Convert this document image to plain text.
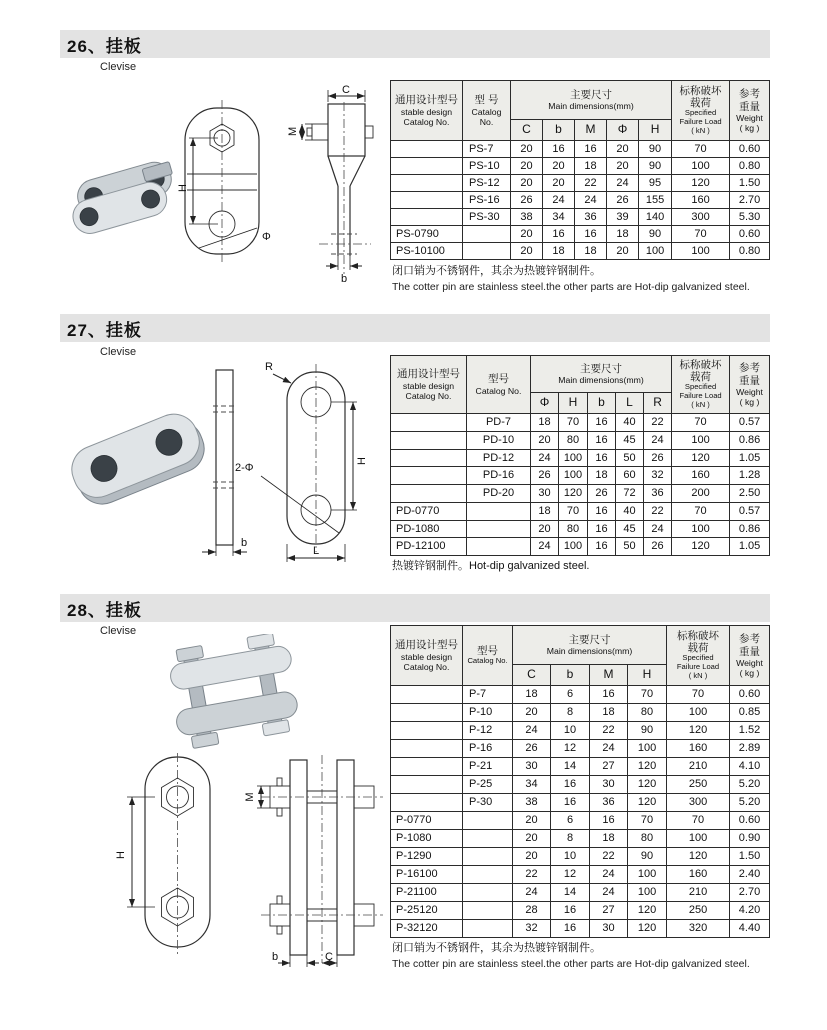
26、挂板
Clevise
H
Φ
C
M
b
通用设计型号
stable design
Catalog No.

型 号
Catalog
No.

主要尺寸
Main dimensions(mm)

标称破坏
载荷
Specified
Failure Load
( kN )

参考
重量
Weight
( kg )

		C	b	M	Φ	H		
	PS-7	20	16	16	20	90	70	0.60
	PS-10	20	20	18	20	90	100	0.80
	PS-12	20	20	22	24	95	120	1.50
	PS-16	26	24	24	26	155	160	2.70
	PS-30	38	34	36	39	140	300	5.30
PS-0790		20	16	16	18	90	70	0.60
PS-10100		20	18	18	20	100	100	0.80
闭口销为不锈钢件，其余为热镀锌钢制件。
The cotter pin are stainless steel.the other parts are Hot-dip galvanized steel.
27、挂板
Clevise
b
R
2-Φ
H
L
通用设计型号
stable design
Catalog No.

型号
Catalog No.

主要尺寸
Main dimensions(mm)

标称破坏
载荷
Specified
Failure Load
( kN )

参考
重量
Weight
( kg )

		Φ	H	b	L	R		
	PD-7	18	70	16	40	22	70	0.57
	PD-10	20	80	16	45	24	100	0.86
	PD-12	24	100	16	50	26	120	1.05
	PD-16	26	100	18	60	32	160	1.28
	PD-20	30	120	26	72	36	200	2.50
PD-0770		18	70	16	40	22	70	0.57
PD-1080		20	80	16	45	24	100	0.86
PD-12100		24	100	16	50	26	120	1.05
热镀锌钢制件。Hot-dip galvanized steel.
28、挂板
Clevise
H
M
b	C
通用设计型号
stable design
Catalog No.

型号
Catalog No.

主要尺寸
Main dimensions(mm)

标称破坏
载荷
Specified
Failure Load
( kN )

参考
重量
Weight
( kg )

		C	b	M	H		
	P-7	18	6	16	70	70	0.60
	P-10	20	8	18	80	100	0.85
	P-12	24	10	22	90	120	1.52
	P-16	26	12	24	100	160	2.89
	P-21	30	14	27	120	210	4.10
	P-25	34	16	30	120	250	5.20
	P-30	38	16	36	120	300	5.20
P-0770		20	6	16	70	70	0.60
P-1080		20	8	18	80	100	0.90
P-1290		20	10	22	90	120	1.50
P-16100		22	12	24	100	160	2.40
P-21100		24	14	24	100	210	2.70
P-25120		28	16	27	120	250	4.20
P-32120		32	16	30	120	320	4.40
闭口销为不锈钢件，其余为热镀锌钢制件。
The cotter pin are stainless steel.the other parts are Hot-dip galvanized steel.
